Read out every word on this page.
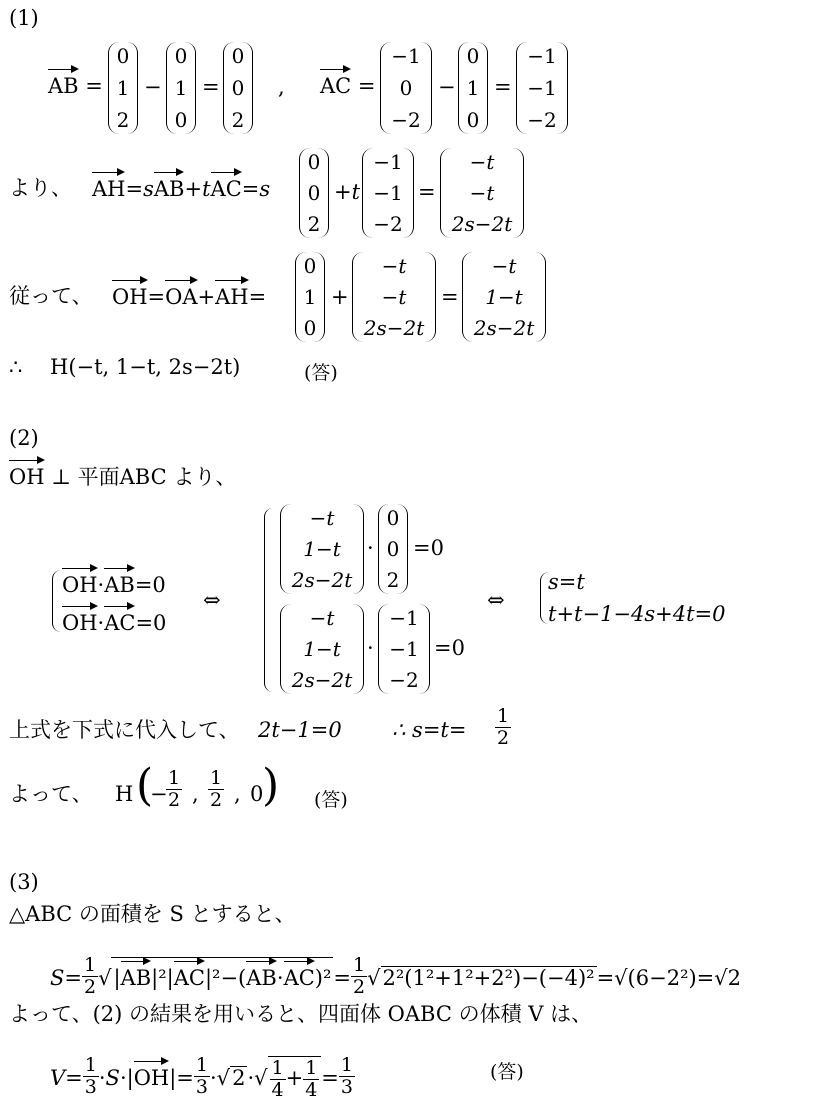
(1)
AB =
0
1
2
−
0
1
0
=
0
0
2
, AC =
−1
0
−2
−
0
1
0
=
−1
−1
−2
より、 AH=sAB+tAC=s
0
0
2
+t
−1
−1
−2
=
−t
−t
2s−2t
従って、 OH=OA+AH=
0
1
0
+
−t
−t
2s−2t
=
−t
1−t
2s−2t
∴ H(−t, 1−t, 2s−2t)	(答)
(2)
OH ⊥ 平面ABC より、
OH·AB=0
OH·AC=0
⇔
−t
1−t
2s−2t
·
0
0
2
=0
−t
1−t
2s−2t
·
−1
−1
−2
=0
⇔
s=t
t+t−1−4s+4t=0
上式を下式に代入して、 2t−1=0 ∴ $s=t= \frac{1}{2}$
よって、 H (
−
$\frac{1}{2}$ , $\frac{1}{2}$ , 0
) (答)
(3)
△ABC の面積を S とすると、
$S= \frac{1}{2} √|AB|^2|AC|^2-(AB\cdot AC)^2= \frac{1}{2} √2^2(1^2+1^2+2^2)-(-4)^2=√(6-2^2)=√2$
よって、(2) の結果を用いると、四面体 OABC の体積 V は、
$V= \frac{1}{3} \cdot S\cdot|OH|= \frac{1}{3} \cdot√2\cdot√ \frac{1}{4} + \frac{1}{4} = \frac{1}{3}$	(答)
